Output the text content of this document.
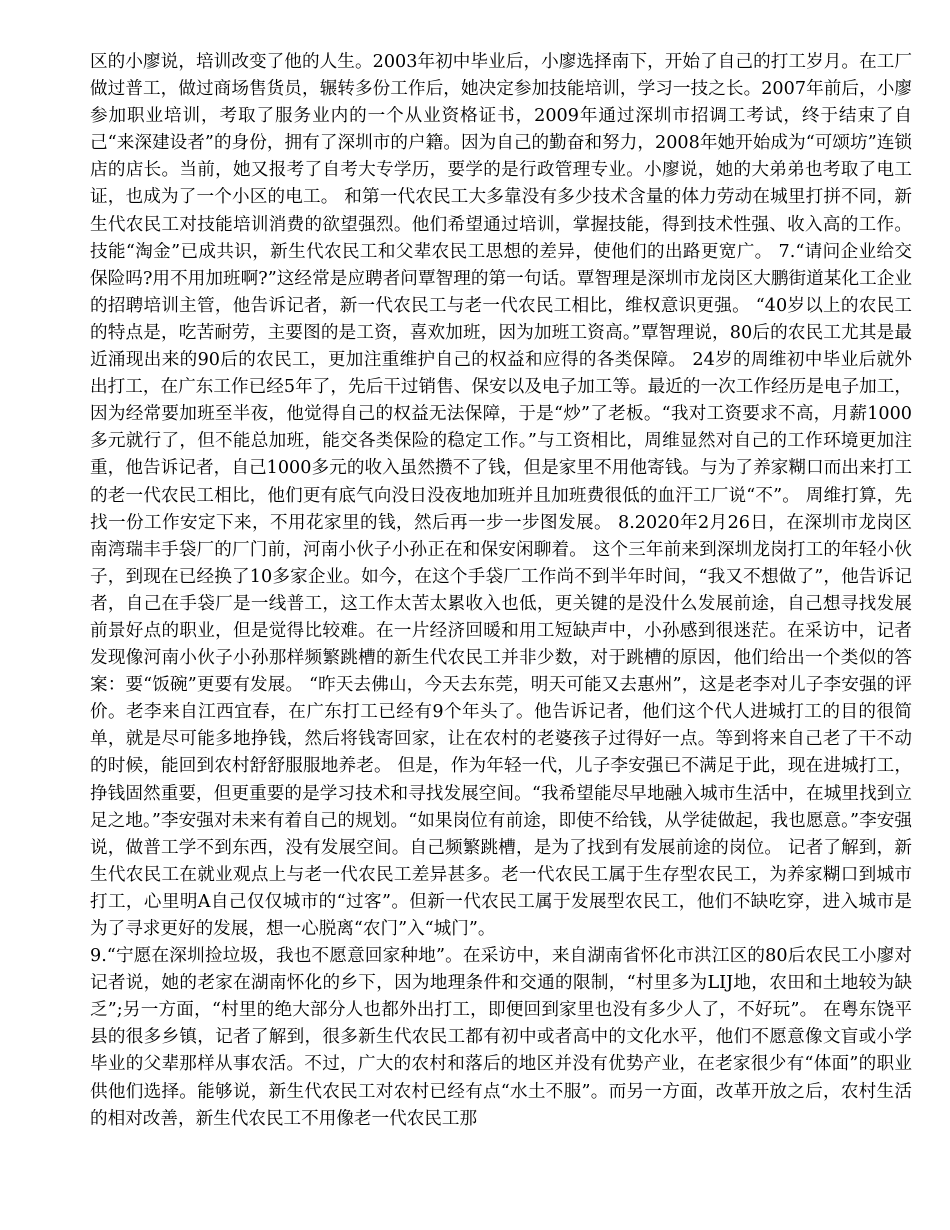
区的小廖说，培训改变了他的人生。2003年初中毕业后，小廖选择南下，开始了自己的打工岁月。在工厂做过普工，做过商场售货员，辗转多份工作后，她决定参加技能培训，学习一技之长。2007年前后，小廖参加职业培训，考取了服务业内的一个从业资格证书，2009年通过深圳市招调工考试，终于结束了自己“来深建设者”的身份，拥有了深圳市的户籍。因为自己的勤奋和努力，2008年她开始成为“可颂坊”连锁店的店长。当前，她又报考了自考大专学历，要学的是行政管理专业。小廖说，她的大弟弟也考取了电工证，也成为了一个小区的电工。 和第一代农民工大多靠没有多少技术含量的体力劳动在城里打拼不同，新生代农民工对技能培训消费的欲望强烈。他们希望通过培训，掌握技能，得到技术性强、收入高的工作。技能“淘金”已成共识，新生代农民工和父辈农民工思想的差异，使他们的出路更宽广。 7.“请问企业给交保险吗?用不用加班啊?”这经常是应聘者问覃智理的第一句话。覃智理是深圳市龙岗区大鹏街道某化工企业的招聘培训主管，他告诉记者，新一代农民工与老一代农民工相比，维权意识更强。 “40岁以上的农民工的特点是，吃苦耐劳，主要图的是工资，喜欢加班，因为加班工资高。”覃智理说，80后的农民工尤其是最近涌现出来的90后的农民工，更加注重维护自己的权益和应得的各类保障。 24岁的周维初中毕业后就外出打工，在广东工作已经5年了，先后干过销售、保安以及电子加工等。最近的一次工作经历是电子加工，因为经常要加班至半夜，他觉得自己的权益无法保障，于是“炒”了老板。“我对工资要求不高，月薪1000多元就行了，但不能总加班，能交各类保险的稳定工作。”与工资相比，周维显然对自己的工作环境更加注重，他告诉记者，自己1000多元的收入虽然攒不了钱，但是家里不用他寄钱。与为了养家糊口而出来打工的老一代农民工相比，他们更有底气向没日没夜地加班并且加班费很低的血汗工厂说“不”。 周维打算，先找一份工作安定下来，不用花家里的钱，然后再一步一步图发展。 8.2020年2月26日，在深圳市龙岗区南湾瑞丰手袋厂的厂门前，河南小伙子小孙正在和保安闲聊着。 这个三年前来到深圳龙岗打工的年轻小伙子，到现在已经换了10多家企业。如今，在这个手袋厂工作尚不到半年时间，“我又不想做了”，他告诉记者，自己在手袋厂是一线普工，这工作太苦太累收入也低，更关键的是没什么发展前途，自己想寻找发展前景好点的职业，但是觉得比较难。在一片经济回暖和用工短缺声中，小孙感到很迷茫。在采访中，记者发现像河南小伙子小孙那样频繁跳槽的新生代农民工并非少数，对于跳槽的原因，他们给出一个类似的答案：要“饭碗”更要有发展。 “昨天去佛山，今天去东莞，明天可能又去惠州”，这是老李对儿子李安强的评价。老李来自江西宜春，在广东打工已经有9个年头了。他告诉记者，他们这个代人进城打工的目的很简单，就是尽可能多地挣钱，然后将钱寄回家，让在农村的老婆孩子过得好一点。等到将来自己老了干不动的时候，能回到农村舒舒服服地养老。 但是，作为年轻一代，儿子李安强已不满足于此，现在进城打工，挣钱固然重要，但更重要的是学习技术和寻找发展空间。“我希望能尽早地融入城市生活中，在城里找到立足之地。”李安强对未来有着自己的规划。“如果岗位有前途，即使不给钱，从学徒做起，我也愿意。”李安强说，做普工学不到东西，没有发展空间。自己频繁跳槽，是为了找到有发展前途的岗位。 记者了解到，新生代农民工在就业观点上与老一代农民工差异甚多。老一代农民工属于生存型农民工，为养家糊口到城市打工，心里明A自己仅仅城市的“过客”。但新一代农民工属于发展型农民工，他们不缺吃穿，进入城市是为了寻求更好的发展，想一心脱离“农门”入“城门”。

9.“宁愿在深圳捡垃圾，我也不愿意回家种地”。在采访中，来自湖南省怀化市洪江区的80后农民工小廖对记者说，她的老家在湖南怀化的乡下，因为地理条件和交通的限制，“村里多为LIJ地，农田和土地较为缺乏”;另一方面，“村里的绝大部分人也都外出打工，即便回到家里也没有多少人了，不好玩”。 在粤东饶平县的很多乡镇，记者了解到，很多新生代农民工都有初中或者高中的文化水平，他们不愿意像文盲或小学毕业的父辈那样从事农活。不过，广大的农村和落后的地区并没有优势产业，在老家很少有“体面”的职业供他们选择。能够说，新生代农民工对农村已经有点“水土不服”。而另一方面，改革开放之后，农村生活的相对改善，新生代农民工不用像老一代农民工那
